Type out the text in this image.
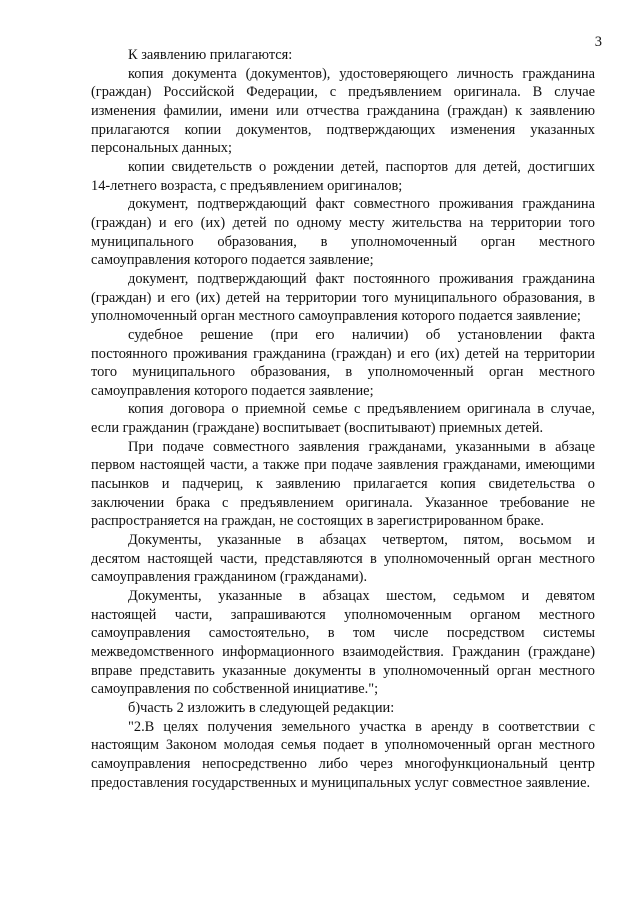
3

К заявлению прилагаются:

копия документа (документов), удостоверяющего личность гражданина
(граждан) Российской Федерации, с предъявлением оригинала. В случае изменения фамилии, имени или отчества гражданина (граждан) к заявлению прилагаются копии документов, подтверждающих изменения указанных персональных данных;

копии свидетельств о рождении детей, паспортов для детей, достигших
14-летнего возраста, с предъявлением оригиналов;

документ, подтверждающий факт совместного проживания гражданина
(граждан) и его (их) детей по одному месту жительства на территории того муниципального образования, в уполномоченный орган местного самоуправления которого подается заявление;

документ, подтверждающий факт постоянного проживания гражданина
(граждан) и его (их) детей на территории того муниципального образования, в уполномоченный орган местного самоуправления которого подается заявление;

судебное решение (при его наличии) об установлении факта
постоянного проживания гражданина (граждан) и его (их) детей на территории того муниципального образования, в уполномоченный орган местного самоуправления которого подается заявление;

копия договора о приемной семье с предъявлением оригинала в случае,
если гражданин (граждане) воспитывает (воспитывают) приемных детей.

При подаче совместного заявления гражданами, указанными в абзаце
первом настоящей части, а также при подаче заявления гражданами, имеющими пасынков и падчериц, к заявлению прилагается копия свидетельства о заключении брака с предъявлением оригинала. Указанное требование не распространяется на граждан, не состоящих в зарегистрированном браке.

Документы, указанные в абзацах четвертом, пятом, восьмом и
десятом настоящей части, представляются в уполномоченный орган местного самоуправления гражданином (гражданами).

Документы, указанные в абзацах шестом, седьмом и девятом
настоящей части, запрашиваются уполномоченным органом местного самоуправления самостоятельно, в том числе посредством системы межведомственного информационного взаимодействия. Гражданин (граждане) вправе представить указанные документы в уполномоченный орган местного самоуправления по собственной инициативе.";

б)часть 2 изложить в следующей редакции:

"2.В целях получения земельного участка в аренду в соответствии с
настоящим Законом молодая семья подает в уполномоченный орган местного самоуправления непосредственно либо через многофункциональный центр предоставления государственных и муниципальных услуг совместное заявление.
